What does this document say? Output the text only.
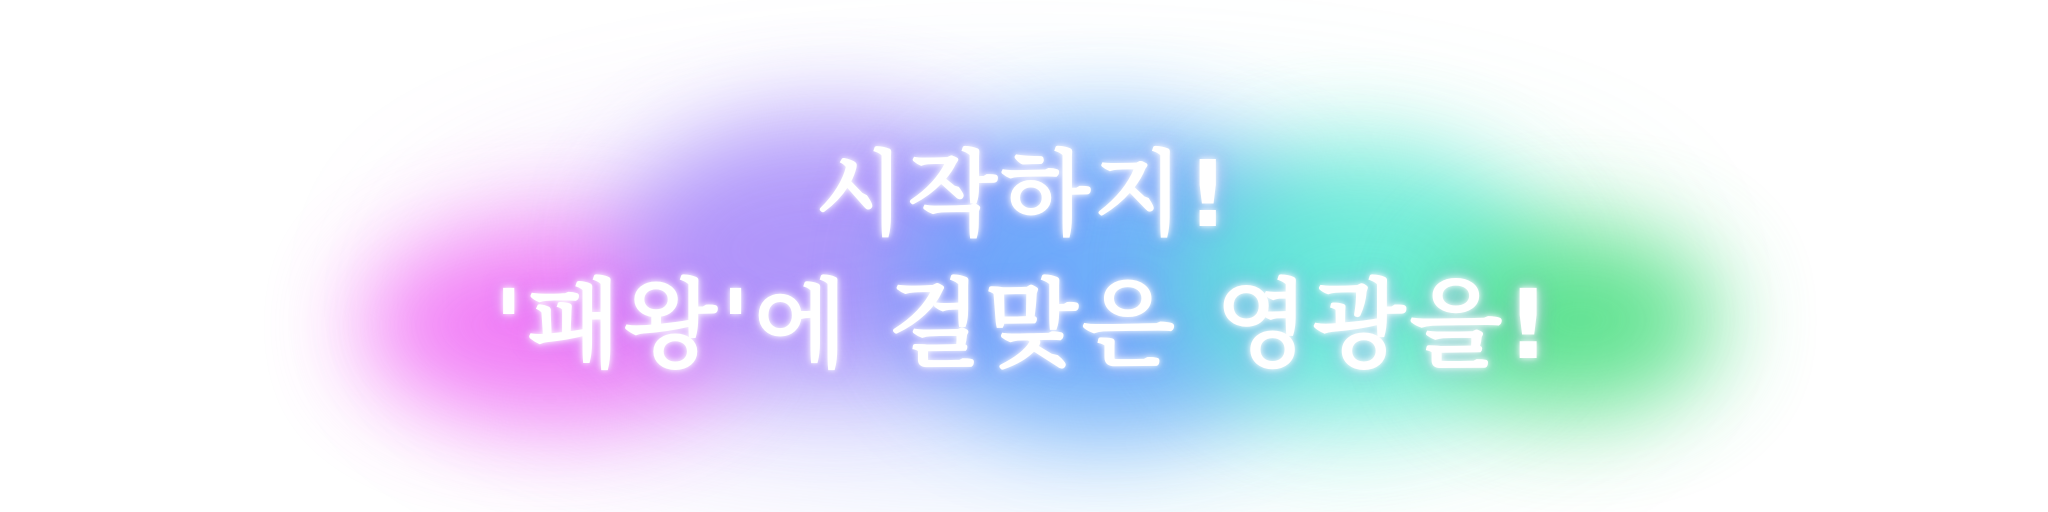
시작하지!
'패왕'에 걸맞은 영광을!
